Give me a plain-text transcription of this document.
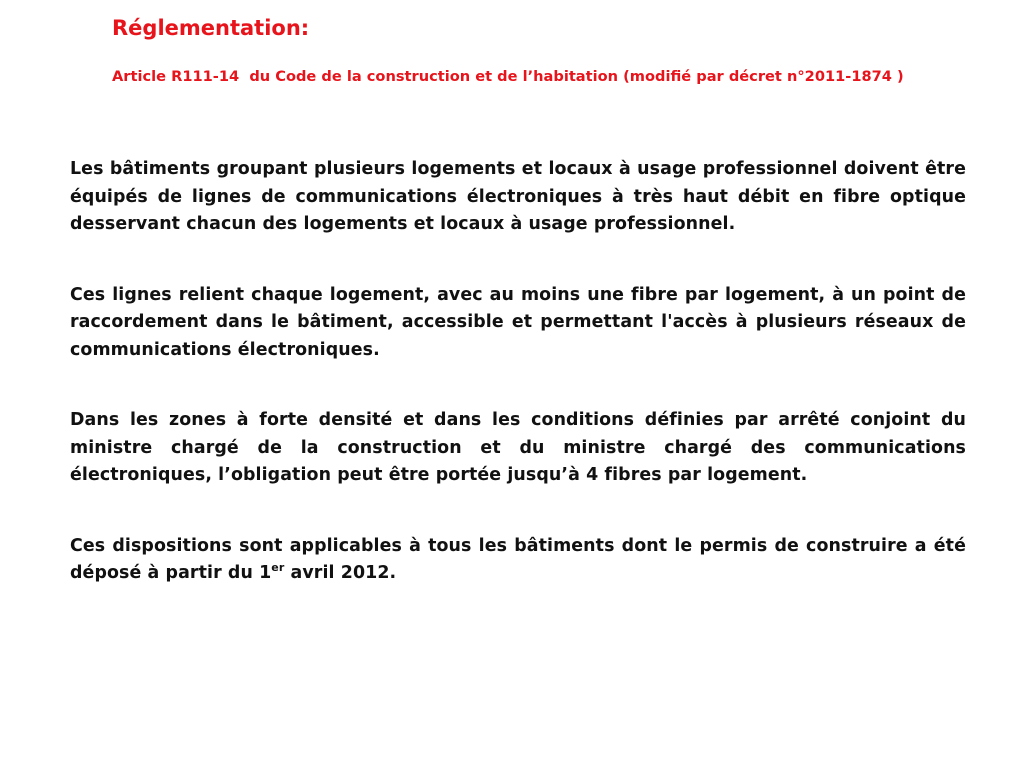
Réglementation:
Article R111-14  du Code de la construction et de l’habitation (modifié par décret n°2011-1874 )

Les bâtiments groupant plusieurs logements et locaux à usage professionnel doivent être équipés de lignes de communications électroniques à très haut débit en fibre optique desservant chacun des logements et locaux à usage professionnel.

Ces lignes relient chaque logement, avec au moins une fibre par logement, à un point de raccordement dans le bâtiment, accessible et permettant l'accès à plusieurs réseaux de communications électroniques.

Dans les zones à forte densité et dans les conditions définies par arrêté conjoint du ministre chargé de la construction et du ministre chargé des communications électroniques, l’obligation peut être portée jusqu’à 4 fibres par logement.

Ces dispositions sont applicables à tous les bâtiments dont le permis de construire a été déposé à partir du 1er avril 2012.
